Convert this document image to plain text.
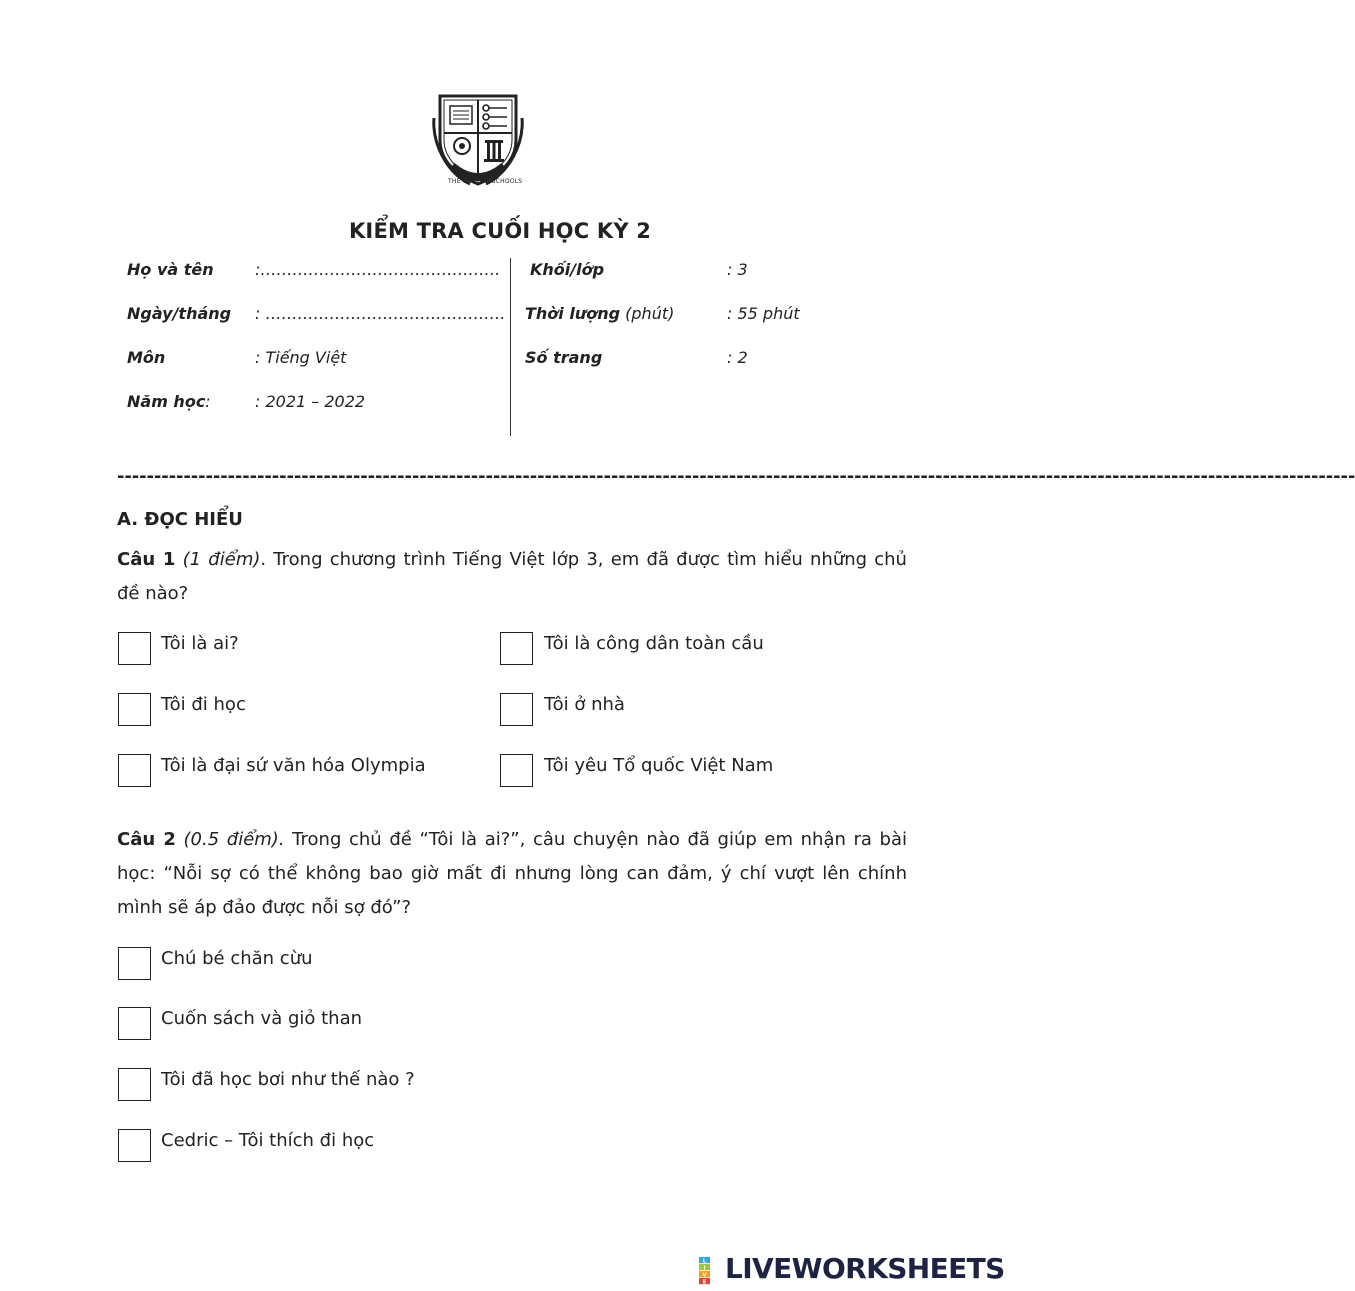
THE OLYMPIA SCHOOLS
KIỂM TRA CUỐI HỌC KỲ 2
Họ và tên	:………………………………………
Ngày/tháng : ………………………………………
Môn	: Tiếng Việt
Năm học:	: 2021 – 2022
Khối/lớp	: 3
Thời lượng (phút)	: 55 phút
Số trang	: 2
------------------------------------------------------------------------------------------------------------------------------------------------------------------------
A. ĐỌC HIỂU
Câu 1 (1 điểm). Trong chương trình Tiếng Việt lớp 3, em đã được tìm hiểu những chủ đề nào?
Tôi là ai?	Tôi là công dân toàn cầu
Tôi đi học	Tôi ở nhà
Tôi là đại sứ văn hóa Olympia	Tôi yêu Tổ quốc Việt Nam
Câu 2 (0.5 điểm). Trong chủ đề “Tôi là ai?”, câu chuyện nào đã giúp em nhận ra bài học: “Nỗi sợ có thể không bao giờ mất đi nhưng lòng can đảm, ý chí vượt lên chính mình sẽ áp đảo được nỗi sợ đó”?
Chú bé chăn cừu
Cuốn sách và giỏ than
Tôi đã học bơi như thế nào ?
Cedric – Tôi thích đi học
L
I
V
E LIVEWORKSHEETS
